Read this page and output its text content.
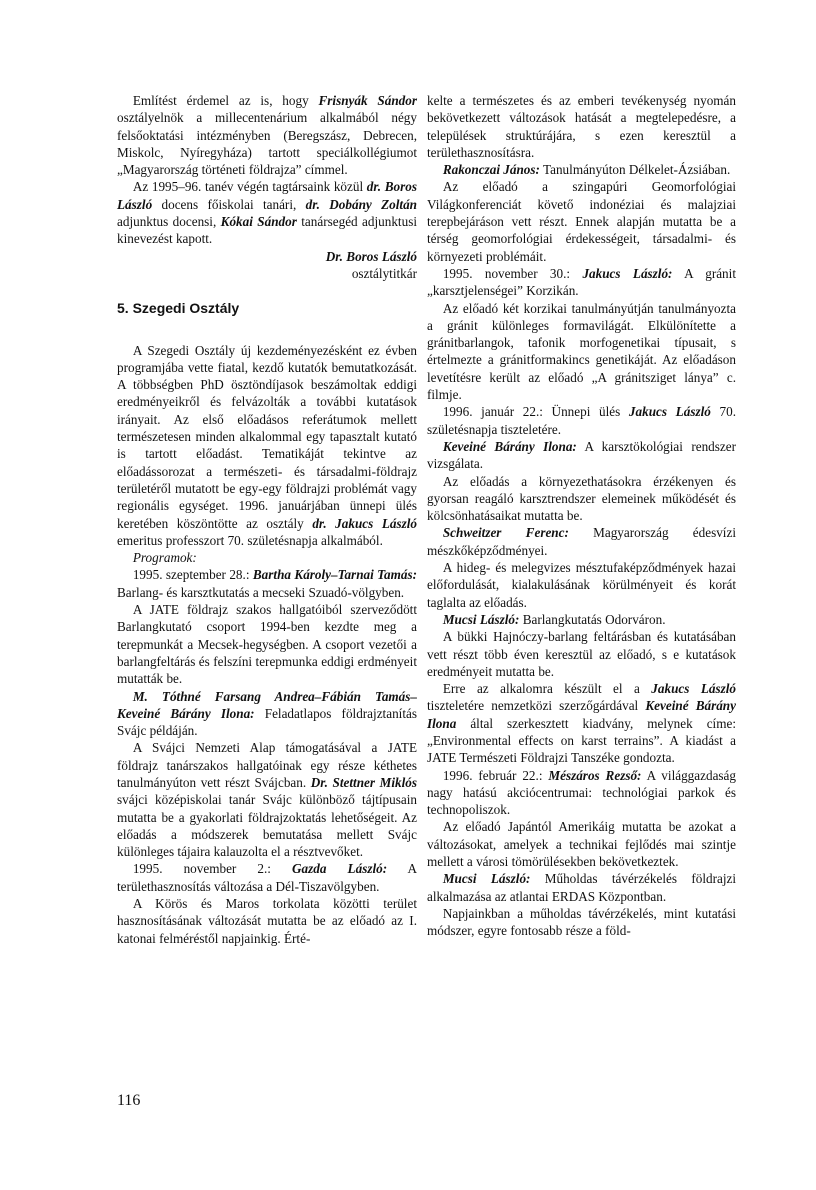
Említést érdemel az is, hogy Frisnyák Sándor osztályelnök a millecentenárium alkalmából négy felsőoktatási intézményben (Beregszász, Debrecen, Miskolc, Nyíregyháza) tartott speciálkollégiumot „Magyarország történeti földrajza” címmel.

Az 1995–96. tanév végén tagtársaink közül dr. Boros László docens főiskolai tanári, dr. Dobány Zoltán adjunktus docensi, Kókai Sándor tanársegéd adjunktusi kinevezést kapott.

Dr. Boros László

osztálytitkár

5. Szegedi Osztály

A Szegedi Osztály új kezdeményezésként ez évben programjába vette fiatal, kezdő kutatók bemutatkozását. A többségben PhD ösztöndíjasok beszámoltak eddigi eredményeikről és felvázolták a további kutatások irányait. Az első előadásos referátumok mellett természetesen minden alkalommal egy tapasztalt kutató is tartott előadást. Tematikáját tekintve az előadássorozat a természeti- és társadalmi-földrajz területéről mutatott be egy-egy földrajzi problémát vagy regionális egységet. 1996. januárjában ünnepi ülés keretében köszöntötte az osztály dr. Jakucs László emeritus professzort 70. születésnapja alkalmából.

Programok:

1995. szeptember 28.: Bartha Károly–Tarnai Tamás: Barlang- és karsztkutatás a mecseki Szuadó-völgyben.

A JATE földrajz szakos hallgatóiból szerveződött Barlangkutató csoport 1994-ben kezdte meg a terepmunkát a Mecsek-hegységben. A csoport vezetői a barlangfeltárás és felszíni terepmunka eddigi erdményeit mutatták be.

M. Tóthné Farsang Andrea–Fábián Tamás–Keveiné Bárány Ilona: Feladatlapos földrajztanítás Svájc példáján.

A Svájci Nemzeti Alap támogatásával a JATE földrajz tanárszakos hallgatóinak egy része kéthetes tanulmányúton vett részt Svájcban. Dr. Stettner Miklós svájci középiskolai tanár Svájc különböző tájtípusain mutatta be a gyakorlati földrajzoktatás lehetőségeit. Az előadás a módszerek bemutatása mellett Svájc különleges tájaira kalauzolta el a résztvevőket.

1995. november 2.: Gazda László: A területhasznosítás változása a Dél-Tiszavölgyben.

A Körös és Maros torkolata közötti terület hasznosításának változását mutatta be az előadó az I. katonai felméréstől napjainkig. Érté-

kelte a természetes és az emberi tevékenység nyomán bekövetkezett változások hatását a megtelepedésre, a települések struktúrájára, s ezen keresztül a területhasznosításra.

Rakonczai János: Tanulmányúton Délkelet-Ázsiában.

Az előadó a szingapúri Geomorfológiai Világkonferenciát követő indonéziai és malajziai terepbejáráson vett részt. Ennek alapján mutatta be a térség geomorfológiai érdekességeit, társadalmi- és környezeti problémáit.

1995. november 30.: Jakucs László: A gránit „karsztjelenségei” Korzikán.

Az előadó két korzikai tanulmányútján tanulmányozta a gránit különleges formavilágát. Elkülönítette a gránitbarlangok, tafonik morfogenetikai típusait, s értelmezte a gránitformakincs genetikáját. Az előadáson levetítésre került az előadó „A gránitsziget lánya” c. filmje.

1996. január 22.: Ünnepi ülés Jakucs László 70. születésnapja tiszteletére.

Keveiné Bárány Ilona: A karsztökológiai rendszer vizsgálata.

Az előadás a környezethatásokra érzékenyen és gyorsan reagáló karsztrendszer elemeinek működését és kölcsönhatásaikat mutatta be.

Schweitzer Ferenc: Magyarország édesvízi mészkőképződményei.

A hideg- és melegvizes mésztufaképződmények hazai előfordulását, kialakulásának körülményeit és korát taglalta az előadás.

Mucsi László: Barlangkutatás Odorváron.

A bükki Hajnóczy-barlang feltárásban és kutatásában vett részt több éven keresztül az előadó, s e kutatások eredményeit mutatta be.

Erre az alkalomra készült el a Jakucs László tiszteletére nemzetközi szerzőgárdával Keveiné Bárány Ilona által szerkesztett kiadvány, melynek címe: „Environmental effects on karst terrains”. A kiadást a JATE Természeti Földrajzi Tanszéke gondozta.

1996. február 22.: Mészáros Rezső: A világgazdaság nagy hatású akciócentrumai: technológiai parkok és technopoliszok.

Az előadó Japántól Amerikáig mutatta be azokat a változásokat, amelyek a technikai fejlődés mai szintje mellett a városi tömörülésekben bekövetkeztek.

Mucsi László: Műholdas távérzékelés földrajzi alkalmazása az atlantai ERDAS Központban.

Napjainkban a műholdas távérzékelés, mint kutatási módszer, egyre fontosabb része a föld-

116
